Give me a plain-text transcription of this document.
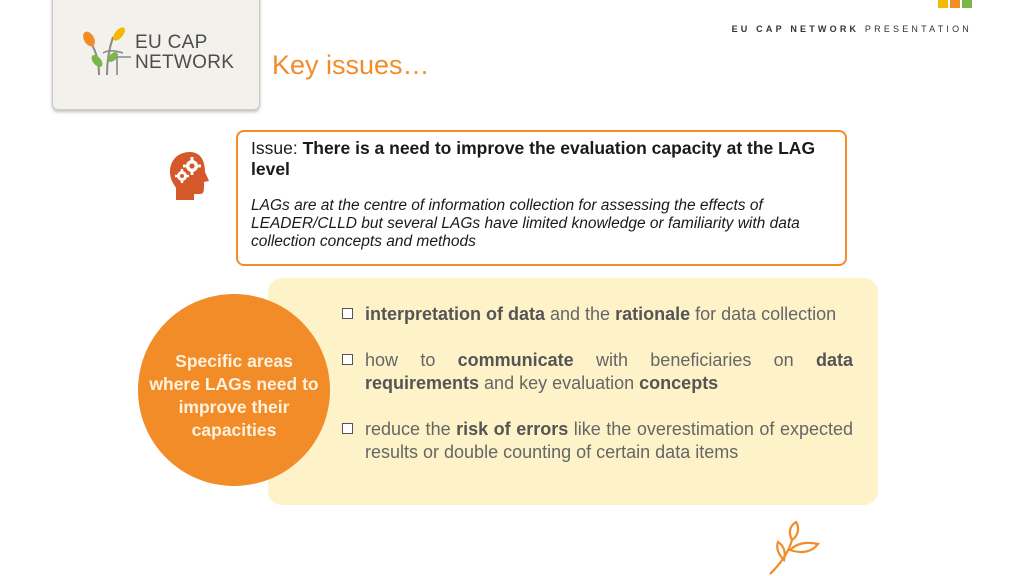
EU CAP
NETWORK
EU CAP NETWORK PRESENTATION
Key issues…

Issue: There is a need to improve the evaluation capacity at the LAG level

LAGs are at the centre of information collection for assessing the effects of LEADER/CLLD but several LAGs have limited knowledge or familiarity with data collection concepts and methods

interpretation of data and the rationale for data collection
how to communicate with beneficiaries on data requirements and key evaluation concepts
reduce the risk of errors like the overestimation of expected results or double counting of certain data items

Specific areas where LAGs need to improve their capacities
